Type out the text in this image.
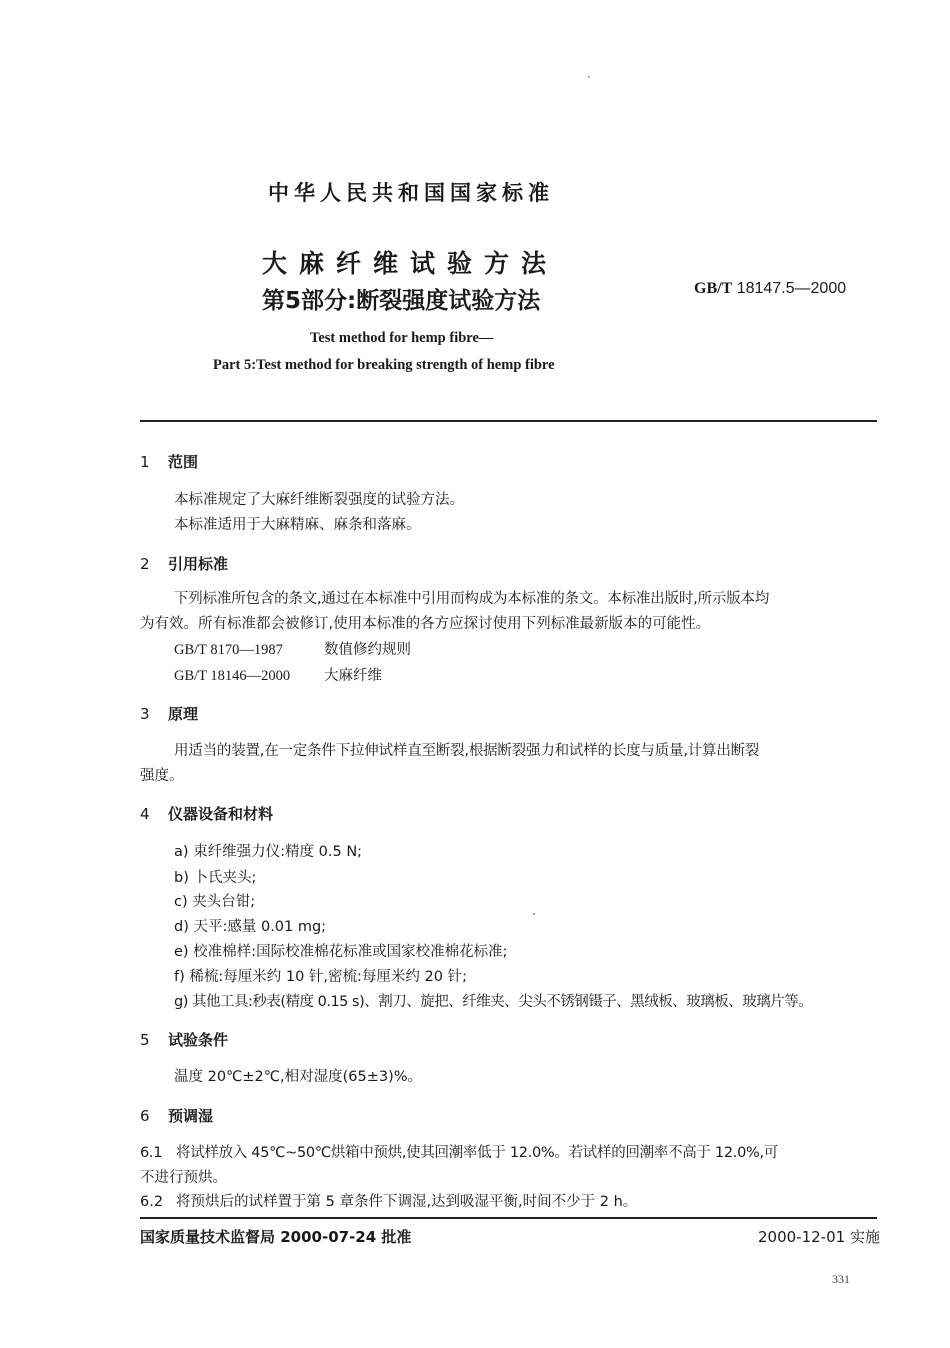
中华人民共和国国家标准
大麻纤维试验方法
第5部分:断裂强度试验方法	GB/T 18147.5—2000
Test method for hemp fibre—
Part 5:Test method for breaking strength of hemp fibre
1 范围
本标准规定了大麻纤维断裂强度的试验方法。
本标准适用于大麻精麻、麻条和落麻。
2 引用标准
下列标准所包含的条文,通过在本标准中引用而构成为本标准的条文。本标准出版时,所示版本均
为有效。所有标准都会被修订,使用本标准的各方应探讨使用下列标准最新版本的可能性。
GB/T 8170—1987	数值修约规则
GB/T 18146—2000 大麻纤维
3 原理
用适当的装置,在一定条件下拉伸试样直至断裂,根据断裂强力和试样的长度与质量,计算出断裂
强度。
4 仪器设备和材料
a) 束纤维强力仪:精度 0.5 N;
b) 卜氏夹头;
c) 夹头台钳;
d) 天平:感量 0.01 mg;
e) 校准棉样:国际校准棉花标准或国家校准棉花标准;
f) 稀梳:每厘米约 10 针,密梳:每厘米约 20 针;
g) 其他工具:秒表(精度 0.15 s)、割刀、旋把、纤维夹、尖头不锈钢镊子、黑绒板、玻璃板、玻璃片等。
5 试验条件
温度 20℃±2℃,相对湿度(65±3)%。
6 预调湿
6.1 将试样放入 45℃~50℃烘箱中预烘,使其回潮率低于 12.0%。若试样的回潮率不高于 12.0%,可
不进行预烘。
6.2 将预烘后的试样置于第 5 章条件下调湿,达到吸湿平衡,时间不少于 2 h。
国家质量技术监督局 2000-07-24 批准	2000-12-01 实施
331
